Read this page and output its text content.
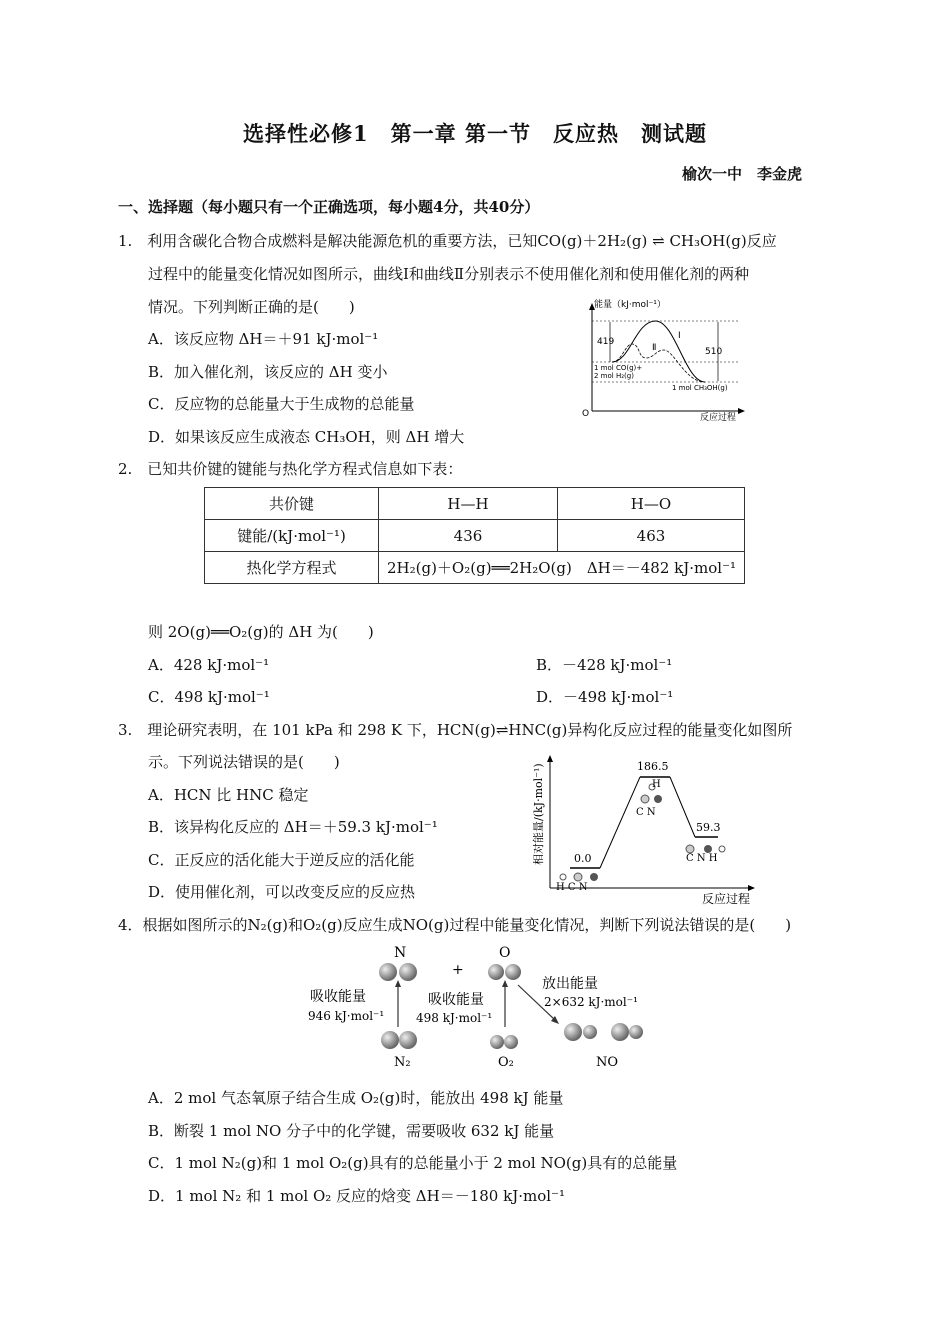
选择性必修1　第一章 第一节　反应热　测试题
榆次一中　李金虎
一、选择题（每小题只有一个正确选项，每小题4分，共40分）
1.　利用含碳化合物合成燃料是解决能源危机的重要方法，已知CO(g)＋2H₂(g) ⇌ CH₃OH(g)反应
过程中的能量变化情况如图所示，曲线Ⅰ和曲线Ⅱ分别表示不使用催化剂和使用催化剂的两种
情况。下列判断正确的是(　　)
A．该反应物 ΔH＝＋91 kJ·mol⁻¹
B．加入催化剂，该反应的 ΔH 变小
C．反应物的总能量大于生成物的总能量
D．如果该反应生成液态 CH₃OH，则 ΔH 增大
能量（kJ·mol⁻¹）
反应过程
O
419
510
Ⅰ
Ⅱ
1 mol CO(g)+
2 mol H₂(g)
1 mol CH₃OH(g)
2.　已知共价键的键能与热化学方程式信息如下表：
共价键	H—H	H—O
键能/(kJ·mol⁻¹)	436	463
热化学方程式	2H₂(g)＋O₂(g)══2H₂O(g)　ΔH＝－482 kJ·mol⁻¹	
则 2O(g)══O₂(g)的 ΔH 为(　　)
A．428 kJ·mol⁻¹	B．－428 kJ·mol⁻¹
C．498 kJ·mol⁻¹	D．－498 kJ·mol⁻¹
3.　理论研究表明，在 101 kPa 和 298 K 下，HCN(g)⇌HNC(g)异构化反应过程的能量变化如图所
示。下列说法错误的是(　　)
A．HCN 比 HNC 稳定
B．该异构化反应的 ΔH＝＋59.3 kJ·mol⁻¹
C．正反应的活化能大于逆反应的活化能
D．使用催化剂，可以改变反应的反应热
相对能量/(kJ·mol⁻¹)
反应过程
0.0
186.5
59.3
H C N
H
C N
C N H
4．根据如图所示的N₂(g)和O₂(g)反应生成NO(g)过程中能量变化情况，判断下列说法错误的是(　　)
N
+
O
吸收能量
946 kJ·mol⁻¹
吸收能量
498 kJ·mol⁻¹
放出能量
2×632 kJ·mol⁻¹
N₂	O₂	NO
A．2 mol 气态氧原子结合生成 O₂(g)时，能放出 498 kJ 能量
B．断裂 1 mol NO 分子中的化学键，需要吸收 632 kJ 能量
C．1 mol N₂(g)和 1 mol O₂(g)具有的总能量小于 2 mol NO(g)具有的总能量
D．1 mol N₂ 和 1 mol O₂ 反应的焓变 ΔH＝－180 kJ·mol⁻¹
